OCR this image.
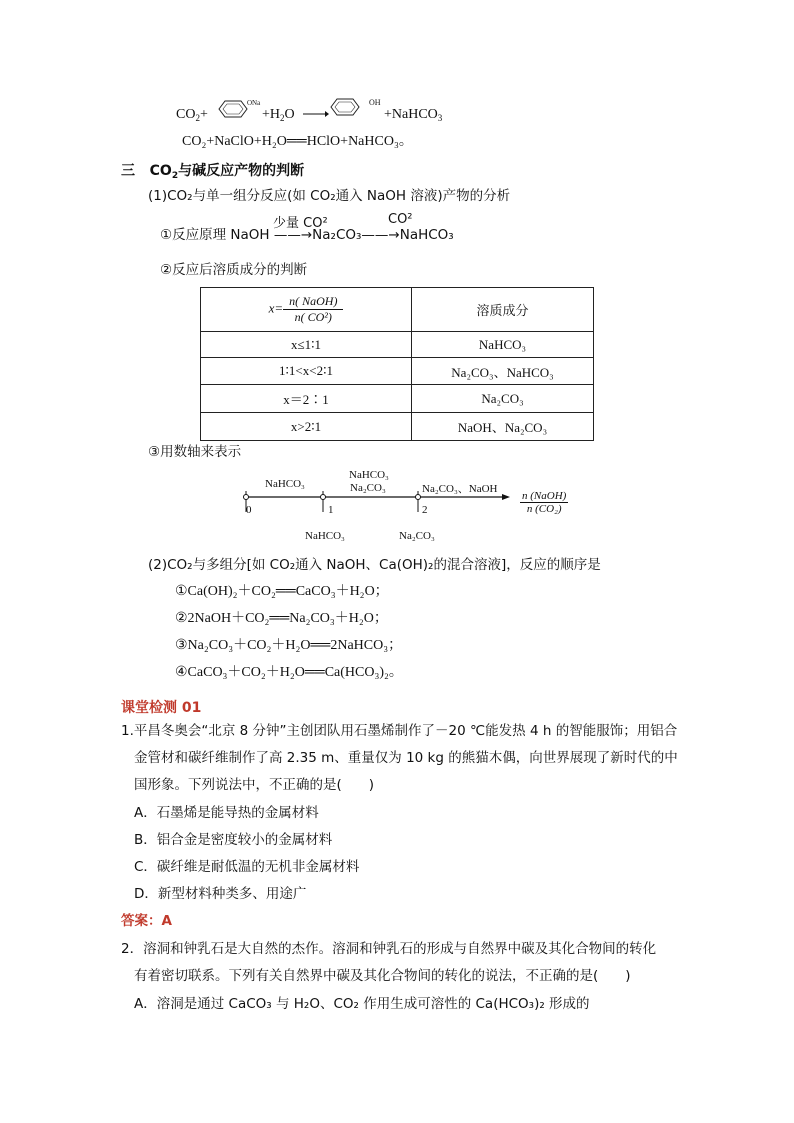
$CO_2+$
ONa
$+H_2O$ →
OH
+NaHCO$_3$
CO₂+NaClO+H₂O══HClO+NaHCO₃。
三 $CO_2$与碱反应产物的判断
(1)CO₂与单一组分反应(如 CO₂通入 NaOH 溶液)产物的分析
少量 CO²	CO²
①反应原理 NaOH ——→Na₂CO₃——→NaHCO₃
②反应后溶质成分的判断
$x= \frac{\text{n( NaOH)}}{\text{n( CO²)}}$	溶质成分
x≤1∶1	NaHCO₃
1∶1<x<2∶1	Na₂CO₃、NaHCO₃
x＝2∶1	Na₂CO₃
x>2∶1	NaOH、Na₂CO₃
③用数轴来表示
NaHCO₃
NaHCO₃
Na₂CO₃	Na₂CO₃、NaOH
0	1	2
NaHCO₃	Na₂CO₃
n (NaOH)
n (CO₂)
(2)CO₂与多组分[如 CO₂通入 NaOH、Ca(OH)₂的混合溶液]，反应的顺序是
①Ca(OH)₂＋CO₂══CaCO₃＋H₂O；
②2NaOH＋CO₂══Na₂CO₃＋H₂O；
③Na₂CO₃＋CO₂＋H₂O══2NaHCO₃；
④CaCO₃＋CO₂＋H₂O══Ca(HCO₃)₂。
课堂检测 01
1.平昌冬奥会“北京 8 分钟”主创团队用石墨烯制作了－20 ℃能发热 4 h 的智能服饰；用铝合
金管材和碳纤维制作了高 2.35 m、重量仅为 10 kg 的熊猫木偶，向世界展现了新时代的中
国形象。下列说法中，不正确的是(　　)
A．石墨烯是能导热的金属材料
B．铝合金是密度较小的金属材料
C．碳纤维是耐低温的无机非金属材料
D．新型材料种类多、用途广
答案：A
2．溶洞和钟乳石是大自然的杰作。溶洞和钟乳石的形成与自然界中碳及其化合物间的转化
有着密切联系。下列有关自然界中碳及其化合物间的转化的说法，不正确的是(　　)
A．溶洞是通过 CaCO₃ 与 H₂O、CO₂ 作用生成可溶性的 Ca(HCO₃)₂ 形成的
